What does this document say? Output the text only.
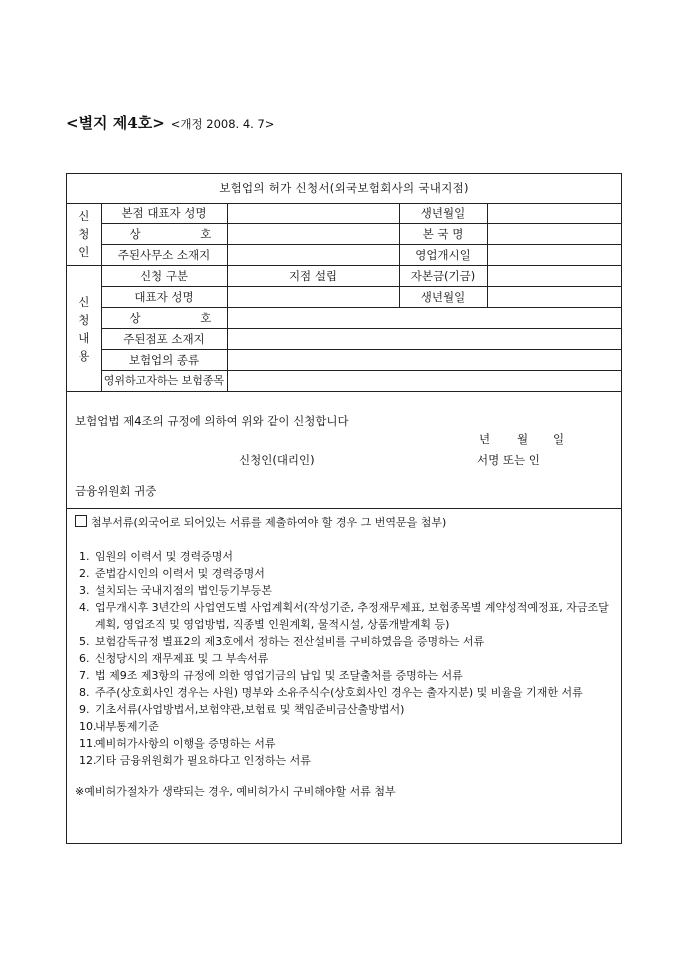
<별지 제4호> <개정 2008. 4. 7>
보험업의 허가 신청서(외국보험회사의 국내지점)
신
청
인	본점 대표자 성명		생년월일	
	상 호		본 국 명	
	주된사무소 소재지		영업개시일	

신
청
내
용	신청 구분	지점 설립	자본금(기금)	
	대표자 성명		생년월일	
	상 호			
	주된점포 소재지			
	보험업의 종류			
	영위하고자하는 보험종목			
보험업법 제4조의 규정에 의하여 위와 같이 신청합니다
년 월 일
신청인(대리인)	서명 또는 인
금융위원회 귀중
첨부서류(외국어로 되어있는 서류를 제출하여야 할 경우 그 번역문을 첨부)
1. 임원의 이력서 및 경력증명서
2. 준법감시인의 이력서 및 경력증명서
3. 설치되는 국내지점의 법인등기부등본
4. 업무개시후 3년간의 사업연도별 사업계획서(작성기준, 추정재무제표, 보험종목별 계약성적예정표, 자금조달계획, 영업조직 및 영업방법, 직종별 인원계획, 물적시설, 상품개발계획 등)
5. 보험감독규정 별표2의 제3호에서 정하는 전산설비를 구비하였음을 증명하는 서류
6. 신청당시의 재무제표 및 그 부속서류
7. 법 제9조 제3항의 규정에 의한 영업기금의 납입 및 조달출처를 증명하는 서류
8. 주주(상호회사인 경우는 사원) 명부와 소유주식수(상호회사인 경우는 출자지분) 및 비율을 기재한 서류
9. 기초서류(사업방법서,보험약관,보험료 및 책임준비금산출방법서)
10.
내부통제기준
11.
예비허가사항의 이행을 증명하는 서류
12.
기타 금융위원회가 필요하다고 인정하는 서류
※예비허가절차가 생략되는 경우, 예비허가시 구비해야할 서류 첨부
